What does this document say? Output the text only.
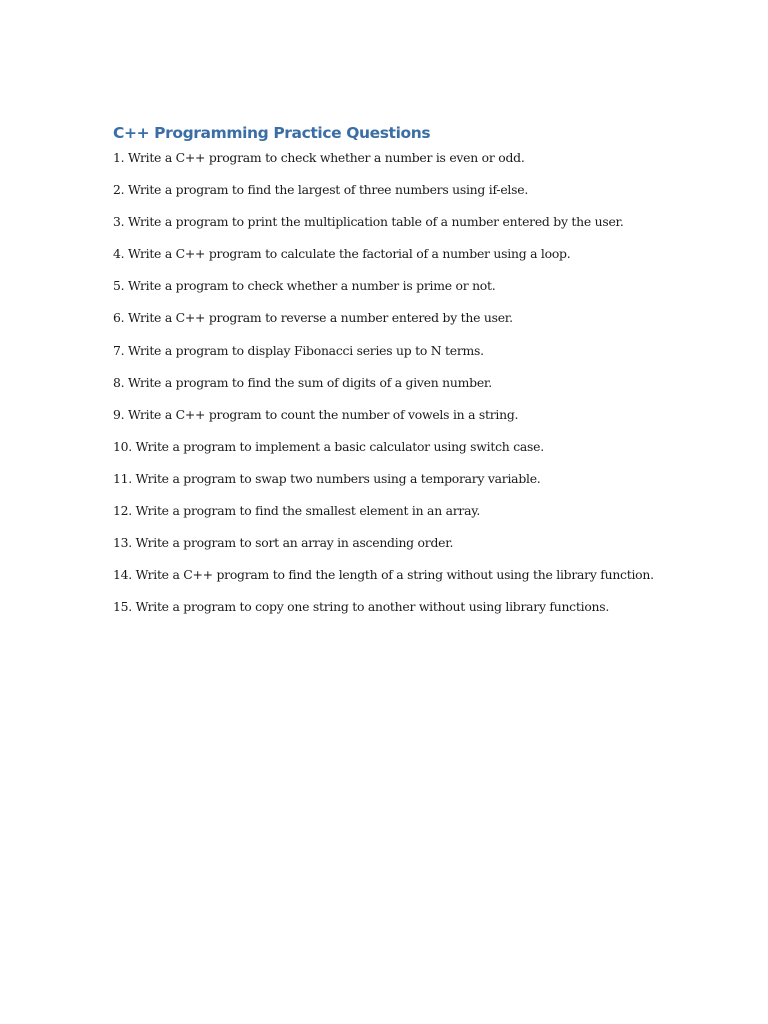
C++ Programming Practice Questions
1. Write a C++ program to check whether a number is even or odd.
2. Write a program to find the largest of three numbers using if-else.
3. Write a program to print the multiplication table of a number entered by the user.
4. Write a C++ program to calculate the factorial of a number using a loop.
5. Write a program to check whether a number is prime or not.
6. Write a C++ program to reverse a number entered by the user.
7. Write a program to display Fibonacci series up to N terms.
8. Write a program to find the sum of digits of a given number.
9. Write a C++ program to count the number of vowels in a string.
10. Write a program to implement a basic calculator using switch case.
11. Write a program to swap two numbers using a temporary variable.
12. Write a program to find the smallest element in an array.
13. Write a program to sort an array in ascending order.
14. Write a C++ program to find the length of a string without using the library function.
15. Write a program to copy one string to another without using library functions.
